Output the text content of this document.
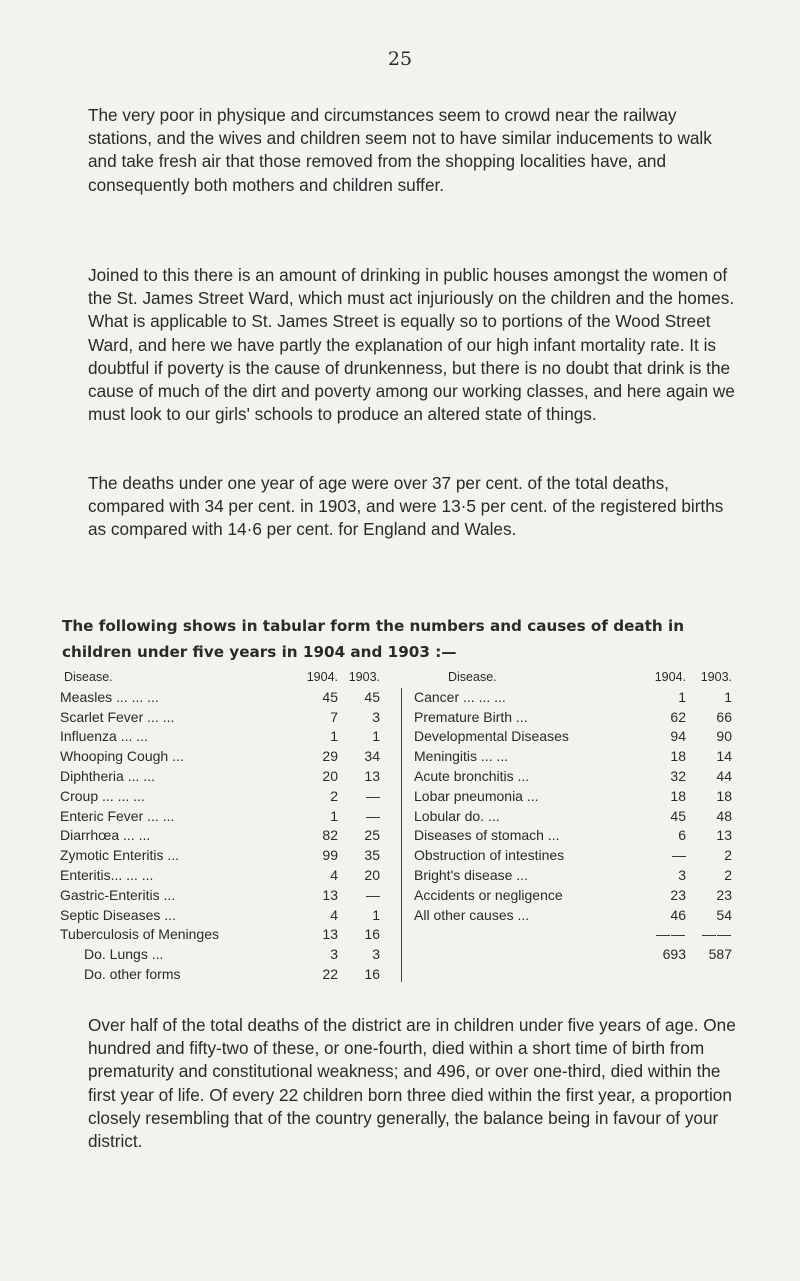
25

The very poor in physique and circumstances seem to crowd near the railway stations, and the wives and children seem not to have similar inducements to walk and take fresh air that those removed from the shopping localities have, and consequently both mothers and children suffer.

Joined to this there is an amount of drinking in public houses amongst the women of the St. James Street Ward, which must act injuriously on the children and the homes. What is applicable to St. James Street is equally so to portions of the Wood Street Ward, and here we have partly the explanation of our high infant mortality rate. It is doubtful if poverty is the cause of drunkenness, but there is no doubt that drink is the cause of much of the dirt and poverty among our working classes, and here again we must look to our girls' schools to produce an altered state of things.

The deaths under one year of age were over 37 per cent. of the total deaths, compared with 34 per cent. in 1903, and were 13·5 per cent. of the registered births as compared with 14·6 per cent. for England and Wales.

The following shows in tabular form the numbers and causes of death in children under five years in 1904 and 1903 :—

Disease.	1904. 1903.
Measles ... ... ...	45	45
Scarlet Fever ... ...	7	3
Influenza ... ...	1	1
Whooping Cough ...	29	34
Diphtheria ... ...	20	13
Croup ... ... ...	2	—
Enteric Fever ... ...	1	—
Diarrhœa ... ...	82	25
Zymotic Enteritis ...	99	35
Enteritis... ... ...	4	20
Gastric-Enteritis ...	13	—
Septic Diseases ...	4	1
Tuberculosis of Meninges	13	16
Do. Lungs ...	3	3
Do. other forms	22	16
Disease.	1904. 1903.
Cancer ... ... ...	1	1
Premature Birth ...	62	66
Developmental Diseases	94	90
Meningitis ... ...	18	14
Acute bronchitis ...	32	44
Lobar pneumonia ...	18	18
Lobular do. ...	45	48
Diseases of stomach ...	6	13
Obstruction of intestines	—	2
Bright's disease ...	3	2
Accidents or negligence	23	23
All other causes ...	46	54
—— ——
693	587

Over half of the total deaths of the district are in children under five years of age. One hundred and fifty-two of these, or one-fourth, died within a short time of birth from prematurity and constitutional weakness; and 496, or over one-third, died within the first year of life. Of every 22 children born three died within the first year, a proportion closely resembling that of the country generally, the balance being in favour of your district.
